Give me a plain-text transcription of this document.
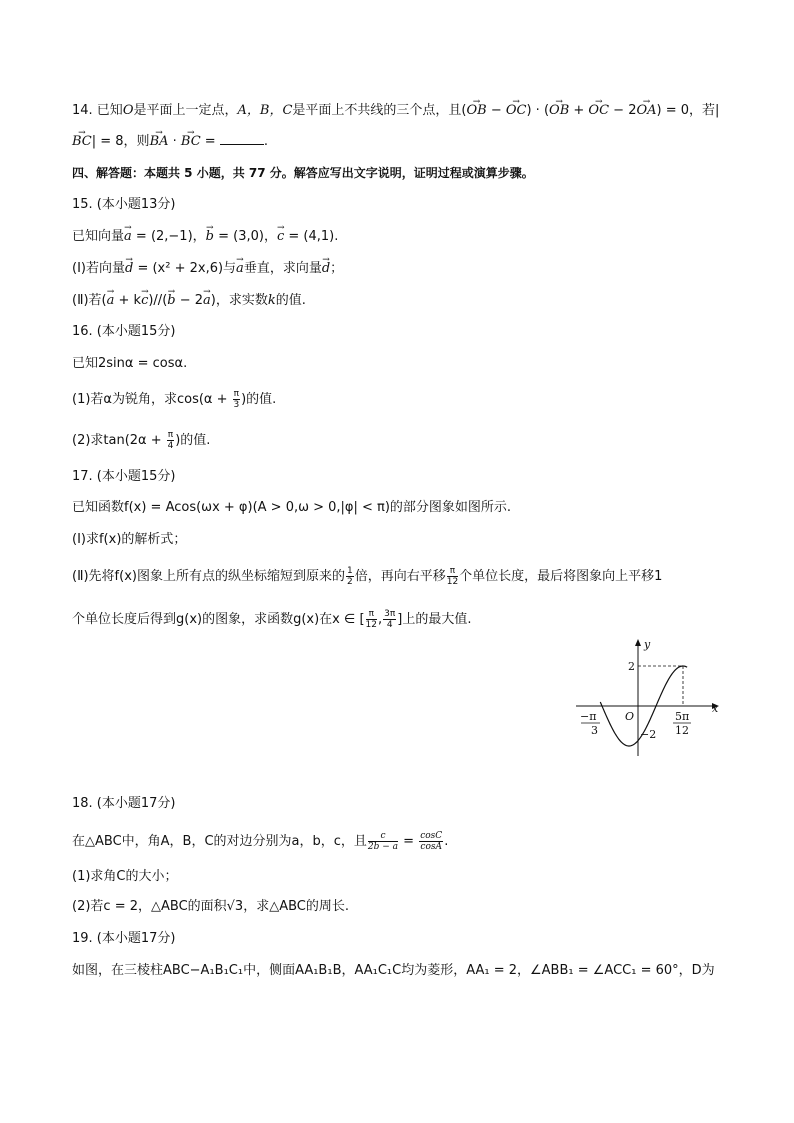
14. 已知O是平面上一定点，A，B，C是平面上不共线的三个点，且(→ OB − → OC) · (→ OB + → OC − 2→ OA) = 0，若|
→ BC| = 8，则→ BA · → BC =	.
四、解答题：本题共 5 小题，共 77 分。解答应写出文字说明，证明过程或演算步骤。
15. (本小题13分)
已知向量→ a = (2,−1)，→ b = (3,0)，→ c = (4,1).
(Ⅰ)若向量→ d = (x² + 2x,6)与→ a垂直，求向量→ d；
(Ⅱ)若(→ a + k→ c)//(→ b − 2→ a)，求实数k的值.
16. (本小题15分)
已知2sinα = cosα.
(1)若α为锐角，求$\cos(\alpha + \frac{\pi}{3}$ )的值.
(2)求$\tan(2\alpha + \frac{\pi}{4}$ )的值.
17. (本小题15分)
已知函数f(x) = Acos(ωx + φ)(A > 0,ω > 0,|φ| < π)的部分图象如图所示.
(Ⅰ)求f(x)的解析式；
(Ⅱ)先将f(x)图象上所有点的纵坐标缩短到原来的 $\frac{1}{2}$ 倍，再向右平移 $\frac{\pi}{12}$ 个单位长度，最后将图象向上平移1
个单位长度后得到g(x)的图象，求函数g(x)在x ∈ [ $\frac{\pi}{12}$ , $\frac{3\pi}{4}$ ]上的最大值.
y
x
O
2
−2
−π
3
5π
12
18. (本小题17分)
在△ABC中，角A，B，C的对边分别为a，b，c，且 $\frac{c}{2b - a} = \frac{\cos C}{\cos A}$ .
(1)求角C的大小；
(2)若c = 2，△ABC的面积√3，求△ABC的周长.
19. (本小题17分)
如图，在三棱柱ABC−A₁B₁C₁中，侧面AA₁B₁B，AA₁C₁C均为菱形，AA₁ = 2，∠ABB₁ = ∠ACC₁ = 60°，D为
